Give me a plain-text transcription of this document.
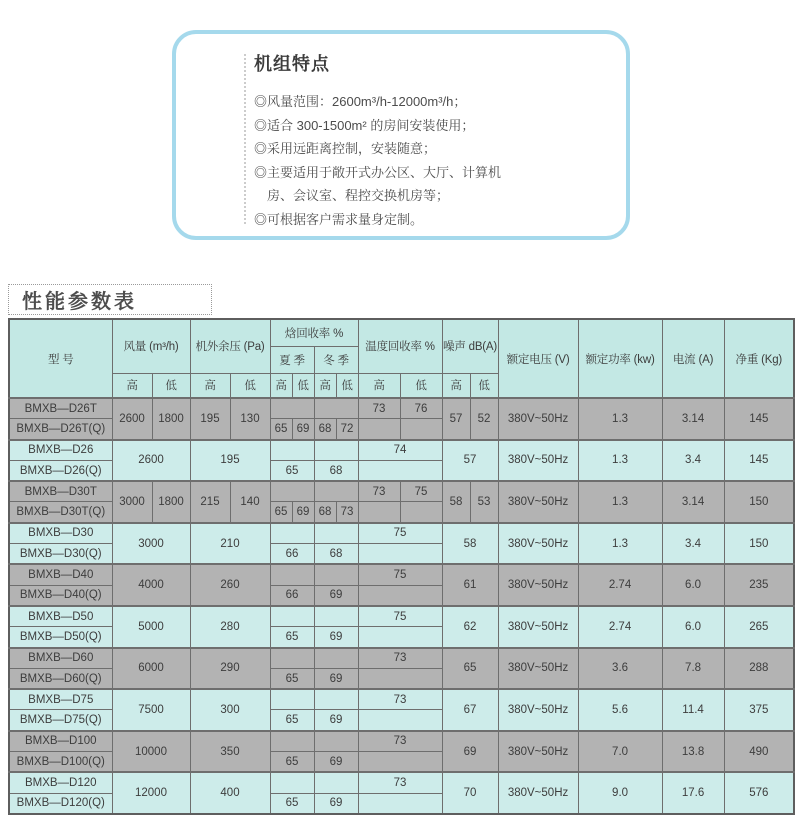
机组特点
◎风量范围：2600m³/h-12000m³/h；
◎适合 300-1500m² 的房间安装使用；
◎采用远距离控制，安装随意；
◎主要适用于敞开式办公区、大厅、计算机
房、会议室、程控交换机房等；
◎可根据客户需求量身定制。
性能参数表
型 号	风量 (m³/h)		机外余压 (Pa)		焓回收率 %				温度回收率 %		噪声 dB(A)		额定电压 (V)	额定功率 (kw)	电流 (A)	净重 (Kg)
					夏 季		冬 季									
	高	低	高	低	高	低	高	低	高	低	高	低				
BMXB—D26T	2600	1800	195	130					73	76	57	52	380V~50Hz	1.3	3.14	145
BMXB—D26T(Q)					65	69	68	72								
BMXB—D26	2600		195						74		57		380V~50Hz	1.3	3.4	145
BMXB—D26(Q)					65		68									
BMXB—D30T	3000	1800	215	140					73	75	58	53	380V~50Hz	1.3	3.14	150
BMXB—D30T(Q)					65	69	68	73								
BMXB—D30	3000		210						75		58		380V~50Hz	1.3	3.4	150
BMXB—D30(Q)					66		68									
BMXB—D40	4000		260						75		61		380V~50Hz	2.74	6.0	235
BMXB—D40(Q)					66		69									
BMXB—D50	5000		280						75		62		380V~50Hz	2.74	6.0	265
BMXB—D50(Q)					65		69									
BMXB—D60	6000		290						73		65		380V~50Hz	3.6	7.8	288
BMXB—D60(Q)					65		69									
BMXB—D75	7500		300						73		67		380V~50Hz	5.6	11.4	375
BMXB—D75(Q)					65		69									
BMXB—D100	10000		350						73		69		380V~50Hz	7.0	13.8	490
BMXB—D100(Q)					65		69									
BMXB—D120	12000		400						73		70		380V~50Hz	9.0	17.6	576
BMXB—D120(Q)					65		69									
